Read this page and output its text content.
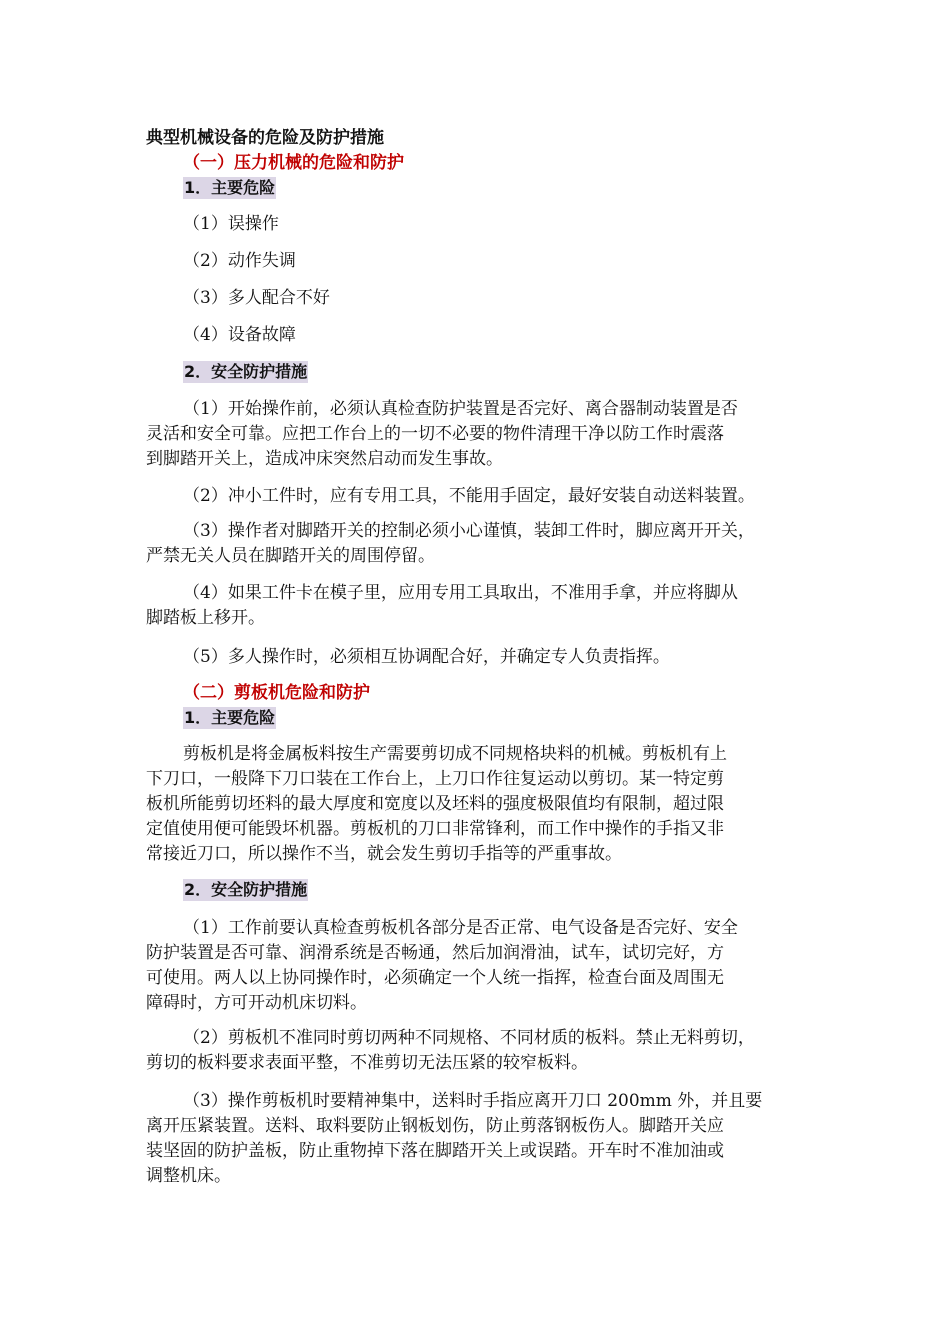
典型机械设备的危险及防护措施
（一）压力机械的危险和防护
1．主要危险
（1）误操作
（2）动作失调
（3）多人配合不好
（4）设备故障
2．安全防护措施
（1）开始操作前，必须认真检查防护装置是否完好、离合器制动装置是否
灵活和安全可靠。应把工作台上的一切不必要的物件清理干净以防工作时震落
到脚踏开关上，造成冲床突然启动而发生事故。
（2）冲小工件时，应有专用工具，不能用手固定，最好安装自动送料装置。
（3）操作者对脚踏开关的控制必须小心谨慎，装卸工件时，脚应离开开关，
严禁无关人员在脚踏开关的周围停留。
（4）如果工件卡在模子里，应用专用工具取出，不准用手拿，并应将脚从
脚踏板上移开。
（5）多人操作时，必须相互协调配合好，并确定专人负责指挥。
（二）剪板机危险和防护
1．主要危险
剪板机是将金属板料按生产需要剪切成不同规格块料的机械。剪板机有上
下刀口，一般降下刀口装在工作台上，上刀口作往复运动以剪切。某一特定剪
板机所能剪切坯料的最大厚度和宽度以及坯料的强度极限值均有限制，超过限
定值使用便可能毁坏机器。剪板机的刀口非常锋利，而工作中操作的手指又非
常接近刀口，所以操作不当，就会发生剪切手指等的严重事故。
2．安全防护措施
（1）工作前要认真检查剪板机各部分是否正常、电气设备是否完好、安全
防护装置是否可靠、润滑系统是否畅通，然后加润滑油，试车，试切完好，方
可使用。两人以上协同操作时，必须确定一个人统一指挥，检查台面及周围无
障碍时，方可开动机床切料。
（2）剪板机不准同时剪切两种不同规格、不同材质的板料。禁止无料剪切，
剪切的板料要求表面平整，不准剪切无法压紧的较窄板料。
（3）操作剪板机时要精神集中，送料时手指应离开刀口 200mm 外，并且要
离开压紧装置。送料、取料要防止钢板划伤，防止剪落钢板伤人。脚踏开关应
装坚固的防护盖板，防止重物掉下落在脚踏开关上或误踏。开车时不准加油或
调整机床。
